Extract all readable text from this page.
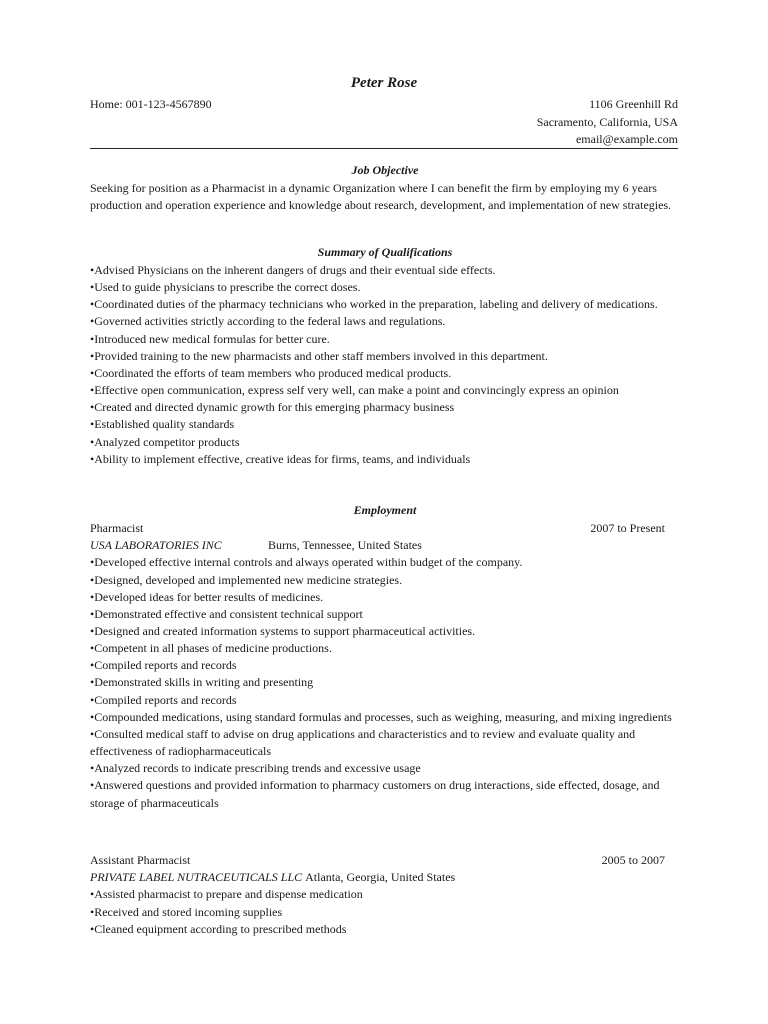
Peter Rose
Home: 001-123-4567890	1106 Greenhill Rd
Sacramento, California, USA
email@example.com
Job Objective
Seeking for position as a Pharmacist in a dynamic Organization where I can benefit the firm by employing my 6 years production and operation experience and knowledge about research, development, and implementation of new strategies.
Summary of Qualifications
• Advised Physicians on the inherent dangers of drugs and their eventual side effects.
• Used to guide physicians to prescribe the correct doses.
• Coordinated duties of the pharmacy technicians who worked in the preparation, labeling and delivery of medications.
• Governed activities strictly according to the federal laws and regulations.
• Introduced new medical formulas for better cure.
• Provided training to the new pharmacists and other staff members involved in this department.
• Coordinated the efforts of team members who produced medical products.
• Effective open communication, express self very well, can make a point and convincingly express an opinion
• Created and directed dynamic growth for this emerging pharmacy business
• Established quality standards
• Analyzed competitor products
• Ability to implement effective, creative ideas for firms, teams, and individuals
Employment
Pharmacist	2007 to Present
USA LABORATORIES INC	Burns, Tennessee, United States
• Developed effective internal controls and always operated within budget of the company.
• Designed, developed and implemented new medicine strategies.
• Developed ideas for better results of medicines.
• Demonstrated effective and consistent technical support
• Designed and created information systems to support pharmaceutical activities.
• Competent in all phases of medicine productions.
• Compiled reports and records
• Demonstrated skills in writing and presenting
• Compiled reports and records
• Compounded medications, using standard formulas and processes, such as weighing, measuring, and mixing ingredients
• Consulted medical staff to advise on drug applications and characteristics and to review and evaluate quality and effectiveness of radiopharmaceuticals
• Analyzed records to indicate prescribing trends and excessive usage
• Answered questions and provided information to pharmacy customers on drug interactions, side effected, dosage, and storage of pharmaceuticals
Assistant Pharmacist	2005 to 2007
PRIVATE LABEL NUTRACEUTICALS LLC Atlanta, Georgia, United States
• Assisted pharmacist to prepare and dispense medication
• Received and stored incoming supplies
• Cleaned equipment according to prescribed methods
